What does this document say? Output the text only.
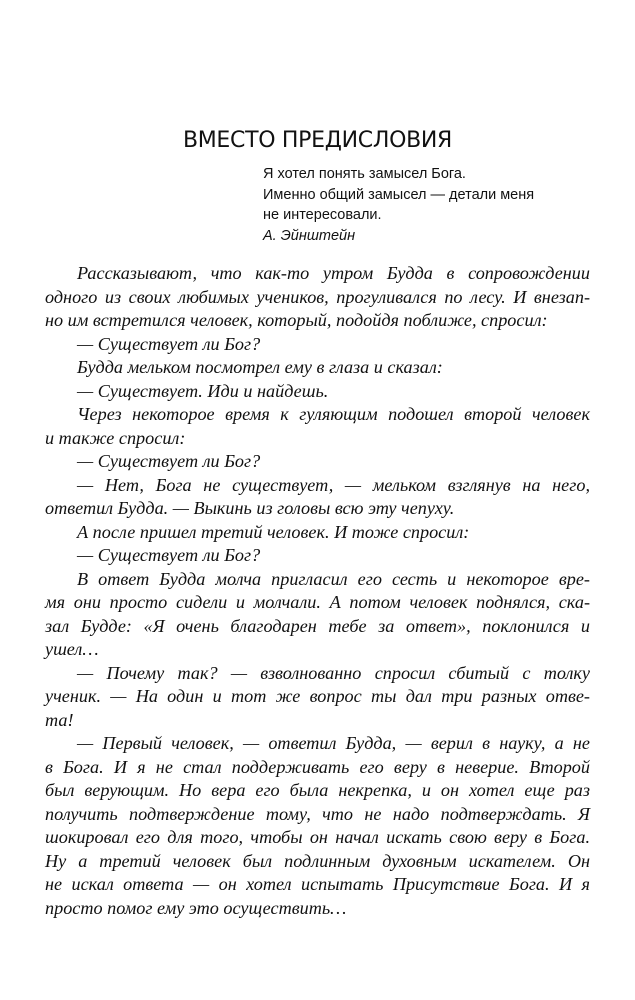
ВМЕСТО ПРЕДИСЛОВИЯ
Я хотел понять замысел Бога.
Именно общий замысел — детали меня
не интересовали.
А. Эйнштейн
Рассказывают, что как-то утром Будда в сопровождении
одного из своих любимых учеников, прогуливался по лесу. И внезап-
но им встретился человек, который, подойдя поближе, спросил:
— Существует ли Бог?
Будда мельком посмотрел ему в глаза и сказал:
— Существует. Иди и найдешь.
Через некоторое время к гуляющим подошел второй человек
и также спросил:
— Существует ли Бог?
— Нет, Бога не существует, — мельком взглянув на него,
ответил Будда. — Выкинь из головы всю эту чепуху.
А после пришел третий человек. И тоже спросил:
— Существует ли Бог?
В ответ Будда молча пригласил его сесть и некоторое вре-
мя они просто сидели и молчали. А потом человек поднялся, ска-
зал Будде: «Я очень благодарен тебе за ответ», поклонился и
ушел…
— Почему так? — взволнованно спросил сбитый с толку
ученик. — На один и тот же вопрос ты дал три разных отве-
та!
— Первый человек, — ответил Будда, — верил в науку, а не
в Бога. И я не стал поддерживать его веру в неверие. Второй
был верующим. Но вера его была некрепка, и он хотел еще раз
получить подтверждение тому, что не надо подтверждать. Я
шокировал его для того, чтобы он начал искать свою веру в Бога.
Ну а третий человек был подлинным духовным искателем. Он
не искал ответа — он хотел испытать Присутствие Бога. И я
просто помог ему это осуществить…
